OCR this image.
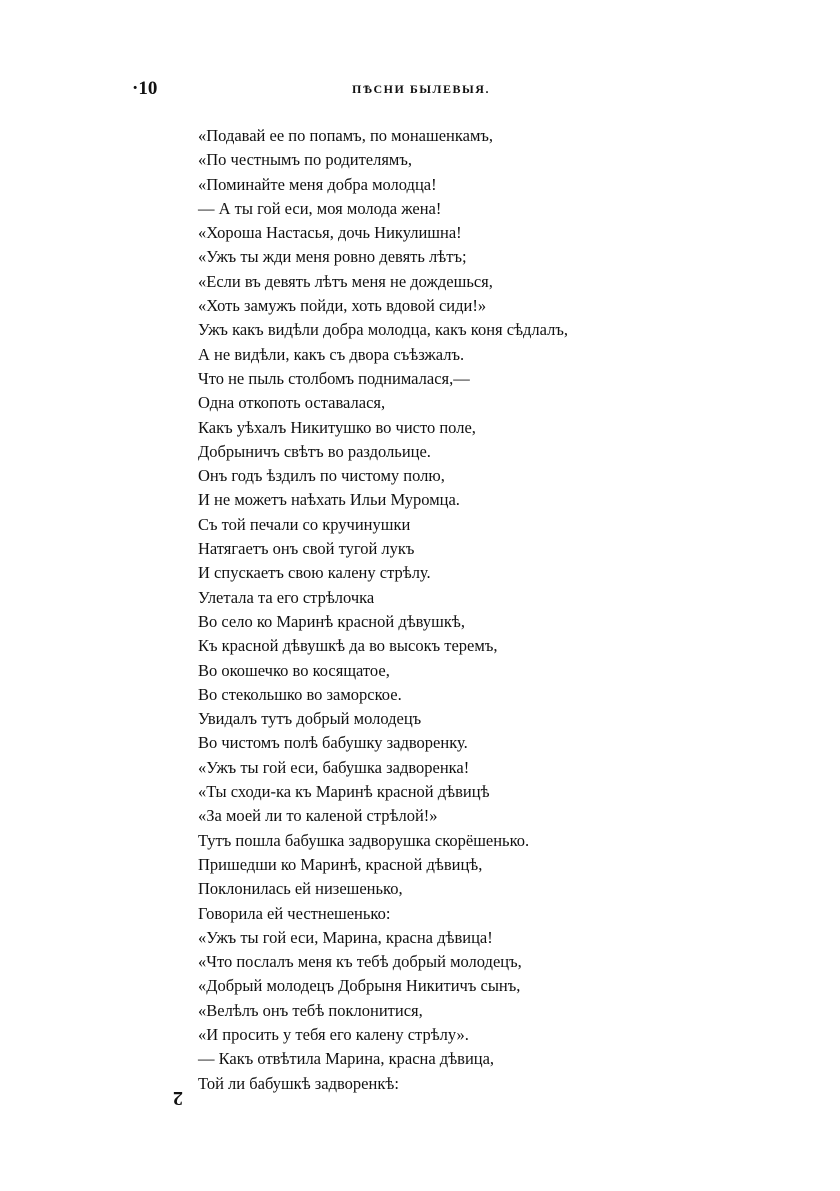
·10	ПѢСНИ БЫЛЕВЫЯ.
«Подавай ее по попамъ, по монашенкамъ,
«По честнымъ по родителямъ,
«Поминайте меня добра молодца!
— А ты гой еси, моя молода жена!
«Хороша Настасья, дочь Никулишна!
«Ужъ ты жди меня ровно девять лѣтъ;
«Если въ девять лѣтъ меня не дождешься,
«Хоть замужъ пойди, хоть вдовой сиди!»
Ужъ какъ видѣли добра молодца, какъ коня сѣдлалъ,
А не видѣли, какъ съ двора съѣзжалъ.
Что не пыль столбомъ поднималася,—
Одна откопоть оставалася,
Какъ уѣхалъ Никитушко во чисто поле,
Добрыничъ свѣтъ во раздольице.
Онъ годъ ѣздилъ по чистому полю,
И не можетъ наѣхать Ильи Муромца.
Съ той печали со кручинушки
Натягаетъ онъ свой тугой лукъ
И спускаетъ свою калену стрѣлу.
Улетала та его стрѣлочка
Во село ко Маринѣ красной дѣвушкѣ,
Къ красной дѣвушкѣ да во высокъ теремъ,
Во окошечко во косящатое,
Во стекольшко во заморское.
Увидалъ тутъ добрый молодецъ
Во чистомъ полѣ бабушку задворенку.
«Ужъ ты гой еси, бабушка задворенка!
«Ты сходи-ка къ Маринѣ красной дѣвицѣ
«За моей ли то каленой стрѣлой!»
Тутъ пошла бабушка задворушка скорёшенько.
Пришедши ко Маринѣ, красной дѣвицѣ,
Поклонилась ей низешенько,
Говорила ей честнешенько:
«Ужъ ты гой еси, Марина, красна дѣвица!
«Что послалъ меня къ тебѣ добрый молодецъ,
«Добрый молодецъ Добрыня Никитичъ сынъ,
«Велѣлъ онъ тебѣ поклонитися,
«И просить у тебя его калену стрѣлу».
— Какъ отвѣтила Марина, красна дѣвица,
Той ли бабушкѣ задворенкѣ:
2
